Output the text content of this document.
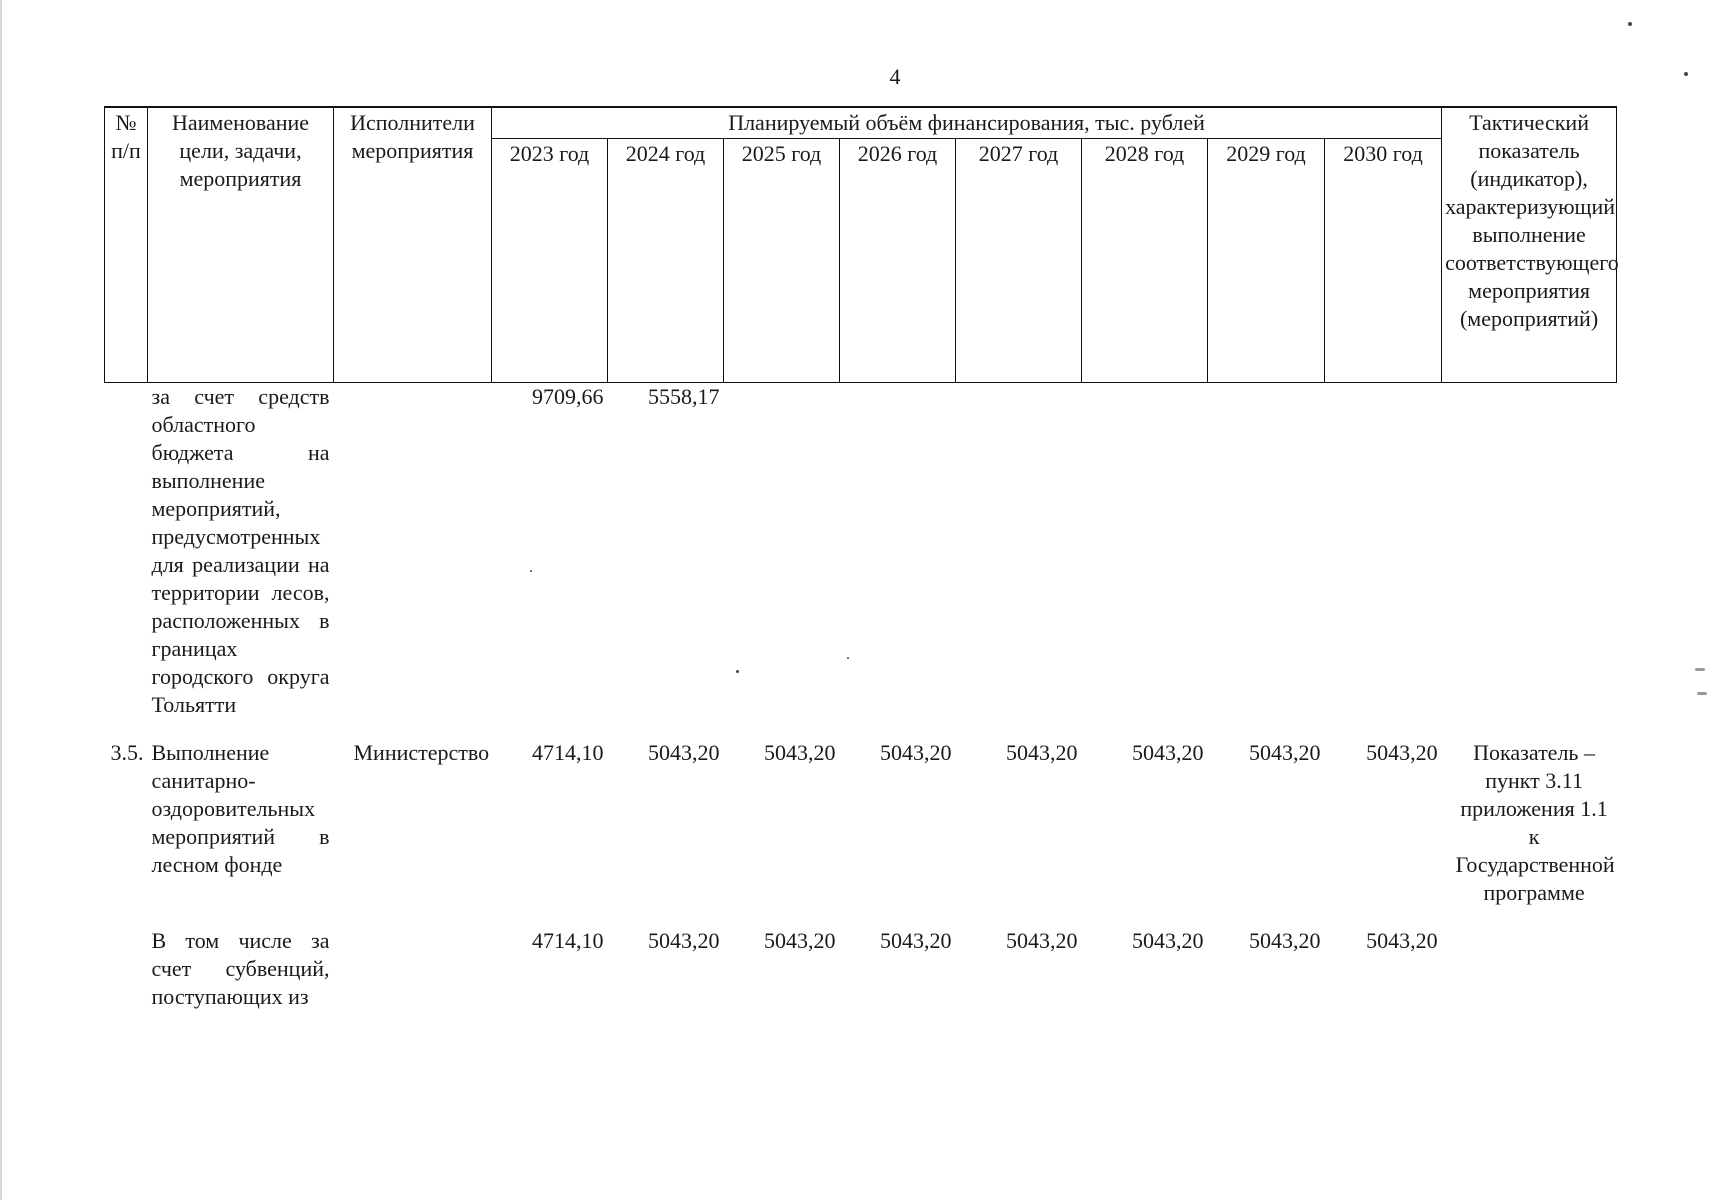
4
№ п/п	Наименование цели, задачи, мероприятия	Исполнители мероприятия	Планируемый объём финансирования, тыс. рублей								Тактический показатель (индикатор), характеризующий выполнение соответствующего мероприятия (мероприятий)
			2023 год	2024 год	2025 год	2026 год	2027 год	2028 год	2029 год	2030 год	
	за счет средств областного бюджета на выполнение мероприятий, предусмотренных для реализации на территории лесов, расположенных в границах городского округа Тольятти		9709,66	5558,17							

3.5.	Выполнение санитарно-оздоровительных мероприятий в лесном фонде	Министерство	4714,10	5043,20	5043,20	5043,20	5043,20	5043,20	5043,20	5043,20	Показатель – пункт 3.11 приложения 1.1 к Государственной программе

	В том числе за счет субвенций, поступающих из		4714,10	5043,20	5043,20	5043,20	5043,20	5043,20	5043,20	5043,20	
